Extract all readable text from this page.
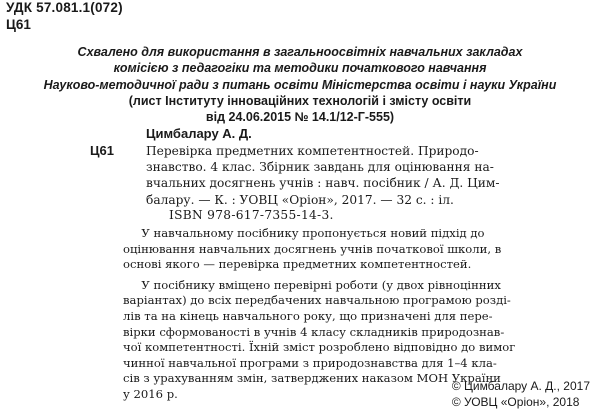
УДК 57.081.1(072)
Ц61
Схвалено для використання в загальноосвітніх навчальних закладах
комісією з педагогіки та методики початкового навчання
Науково-методичної ради з питань освіти Міністерства освіти і науки України
(лист Інституту інноваційних технологій і змісту освіти
від 24.06.2015 № 14.1/12-Г-555)
Цимбалару А. Д.
Ц61	Перевірка предметних компетентностей. Природо-
знавство. 4 клас. Збірник завдань для оцінювання на-
вчальних досягнень учнів : навч. посібник / А. Д. Цим-
балару. — К. : УОВЦ «Оріон», 2017. — 32 с. : іл.
ISBN 978-617-7355-14-3.
У навчальному посібнику пропонується новий підхід до
оцінювання навчальних досягнень учнів початкової школи, в
основі якого — перевірка предметних компетентностей.
У посібнику вміщено перевірні роботи (у двох рівноцінних
варіантах) до всіх передбачених навчальною програмою розді-
лів та на кінець навчального року, що призначені для пере-
вірки сформованості в учнів 4 класу складників природознав-
чої компетентності. Їхній зміст розроблено відповідно до вимог
чинної навчальної програми з природознавства для 1–4 кла-
сів з урахуванням змін, затверджених наказом МОН України
у 2016 р.
© Цимбалару А. Д., 2017
© УОВЦ «Оріон», 2018
